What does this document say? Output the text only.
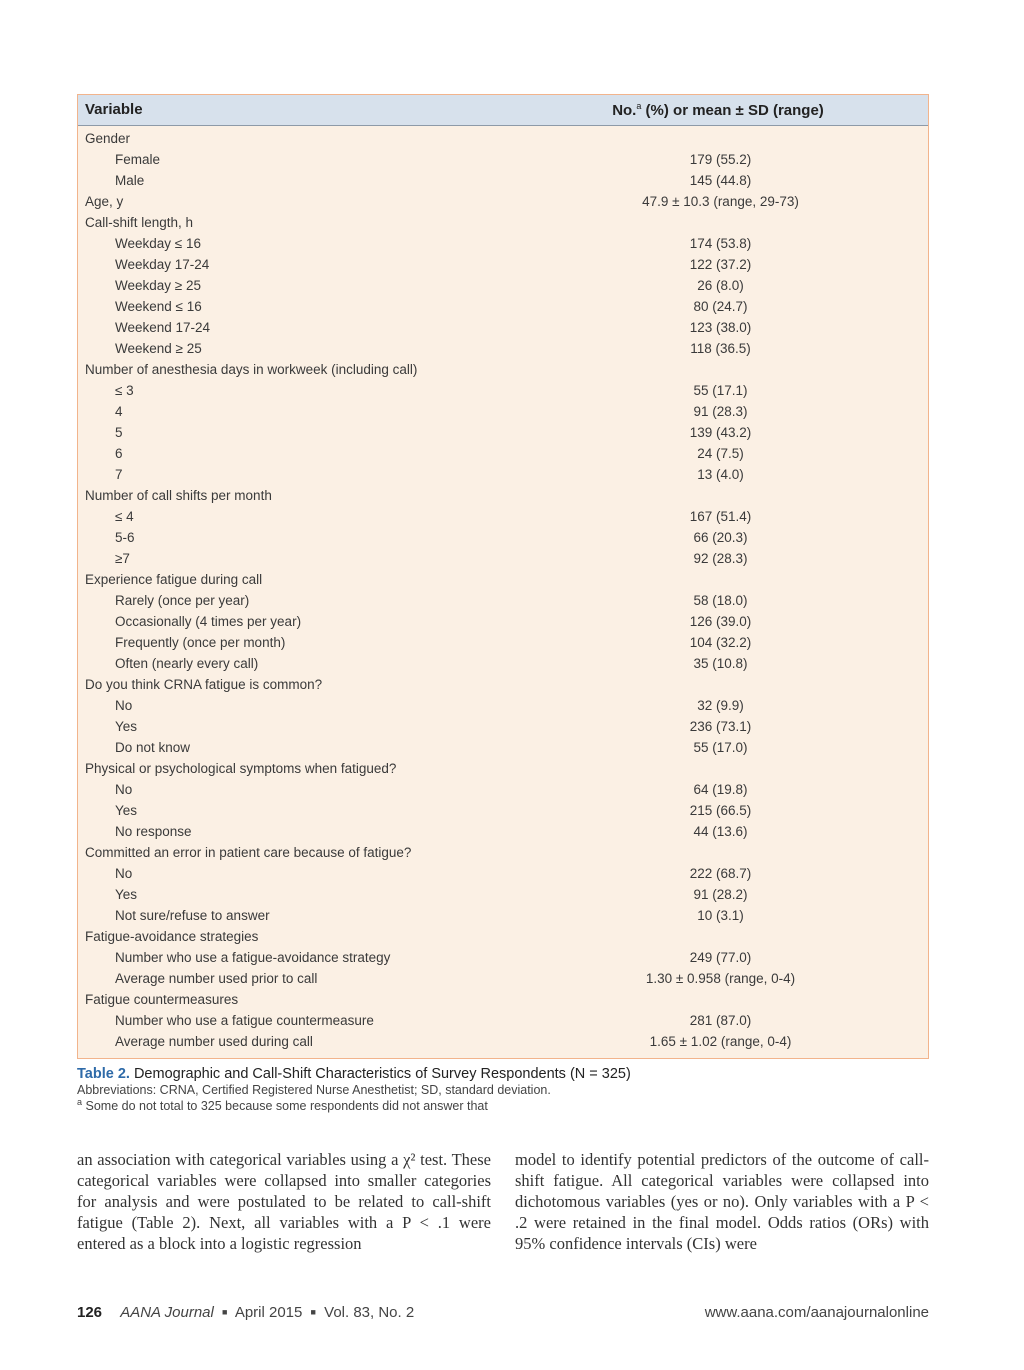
Variable	No.$^a$ (%) or mean ± SD (range)
Gender
Female	179 (55.2)
Male	145 (44.8)
Age, y	47.9 ± 10.3 (range, 29-73)
Call-shift length, h
Weekday ≤ 16	174 (53.8)
Weekday 17-24	122 (37.2)
Weekday ≥ 25	26 (8.0)
Weekend ≤ 16	80 (24.7)
Weekend 17-24	123 (38.0)
Weekend ≥ 25	118 (36.5)
Number of anesthesia days in workweek (including call)
≤ 3	55 (17.1)
4	91 (28.3)
5	139 (43.2)
6	24 (7.5)
7	13 (4.0)
Number of call shifts per month
≤ 4	167 (51.4)
5-6	66 (20.3)
≥7	92 (28.3)
Experience fatigue during call
Rarely (once per year)	58 (18.0)
Occasionally (4 times per year)	126 (39.0)
Frequently (once per month)	104 (32.2)
Often (nearly every call)	35 (10.8)
Do you think CRNA fatigue is common?
No	32 (9.9)
Yes	236 (73.1)
Do not know	55 (17.0)
Physical or psychological symptoms when fatigued?
No	64 (19.8)
Yes	215 (66.5)
No response	44 (13.6)
Committed an error in patient care because of fatigue?
No	222 (68.7)
Yes	91 (28.2)
Not sure/refuse to answer	10 (3.1)
Fatigue-avoidance strategies
Number who use a fatigue-avoidance strategy	249 (77.0)
Average number used prior to call	1.30 ± 0.958 (range, 0-4)
Fatigue countermeasures
Number who use a fatigue countermeasure	281 (87.0)
Average number used during call	1.65 ± 1.02 (range, 0-4)
Table 2. Demographic and Call-Shift Characteristics of Survey Respondents (N = 325)
Abbreviations: CRNA, Certified Registered Nurse Anesthetist; SD, standard deviation.
$^a$ Some do not total to 325 because some respondents did not answer that
an association with categorical variables using a χ² test. These categorical variables were collapsed into smaller categories for analysis and were postulated to be related to call-shift fatigue (Table 2). Next, all variables with a P < .1 were entered as a block into a logistic regression
model to identify potential predictors of the outcome of call-shift fatigue. All categorical variables were collapsed into dichotomous variables (yes or no). Only variables with a P < .2 were retained in the final model. Odds ratios (ORs) with 95% confidence intervals (CIs) were
126 AANA Journal ■ April 2015 ■ Vol. 83, No. 2	www.aana.com/aanajournalonline
